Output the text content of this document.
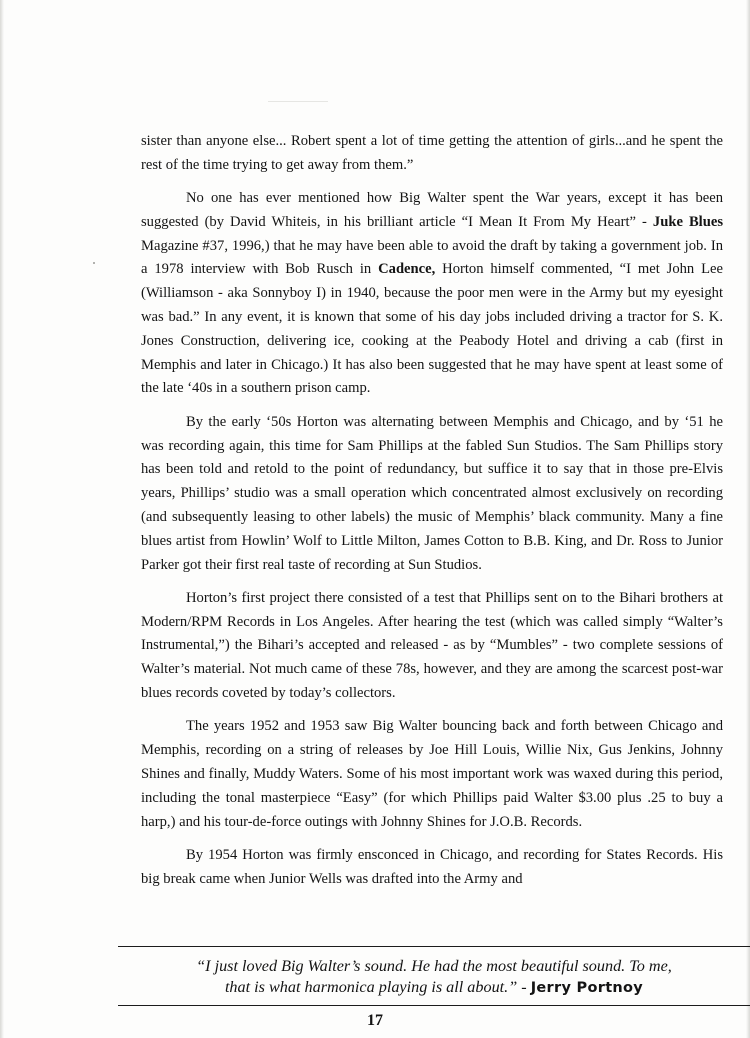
sister than anyone else... Robert spent a lot of time getting the attention of girls...and he spent the rest of the time trying to get away from them.”

No one has ever mentioned how Big Walter spent the War years, except it has been suggested (by David Whiteis, in his brilliant article “I Mean It From My Heart” - Juke Blues Magazine #37, 1996,) that he may have been able to avoid the draft by taking a government job. In a 1978 interview with Bob Rusch in Cadence, Horton himself commented, “I met John Lee (Williamson - aka Sonnyboy I) in 1940, because the poor men were in the Army but my eyesight was bad.” In any event, it is known that some of his day jobs included driving a tractor for S. K. Jones Construction, delivering ice, cooking at the Peabody Hotel and driving a cab (first in Memphis and later in Chicago.) It has also been suggested that he may have spent at least some of the late ‘40s in a southern prison camp.

By the early ‘50s Horton was alternating between Memphis and Chicago, and by ‘51 he was recording again, this time for Sam Phillips at the fabled Sun Studios. The Sam Phillips story has been told and retold to the point of redundancy, but suffice it to say that in those pre-Elvis years, Phillips’ studio was a small operation which concentrated almost exclusively on recording (and subsequently leasing to other labels) the music of Memphis’ black community. Many a fine blues artist from Howlin’ Wolf to Little Milton, James Cotton to B.B. King, and Dr. Ross to Junior Parker got their first real taste of recording at Sun Studios.

Horton’s first project there consisted of a test that Phillips sent on to the Bihari brothers at Modern/RPM Records in Los Angeles. After hearing the test (which was called simply “Walter’s Instrumental,”) the Bihari’s accepted and released - as by “Mumbles” - two complete sessions of Walter’s material. Not much came of these 78s, however, and they are among the scarcest post-war blues records coveted by today’s collectors.

The years 1952 and 1953 saw Big Walter bouncing back and forth between Chicago and Memphis, recording on a string of releases by Joe Hill Louis, Willie Nix, Gus Jenkins, Johnny Shines and finally, Muddy Waters. Some of his most important work was waxed during this period, including the tonal masterpiece “Easy” (for which Phillips paid Walter $3.00 plus .25 to buy a harp,) and his tour-de-force outings with Johnny Shines for J.O.B. Records.

By 1954 Horton was firmly ensconced in Chicago, and recording for States Records. His big break came when Junior Wells was drafted into the Army and

“I just loved Big Walter’s sound. He had the most beautiful sound. To me,
that is what harmonica playing is all about.” - Jerry Portnoy
17
